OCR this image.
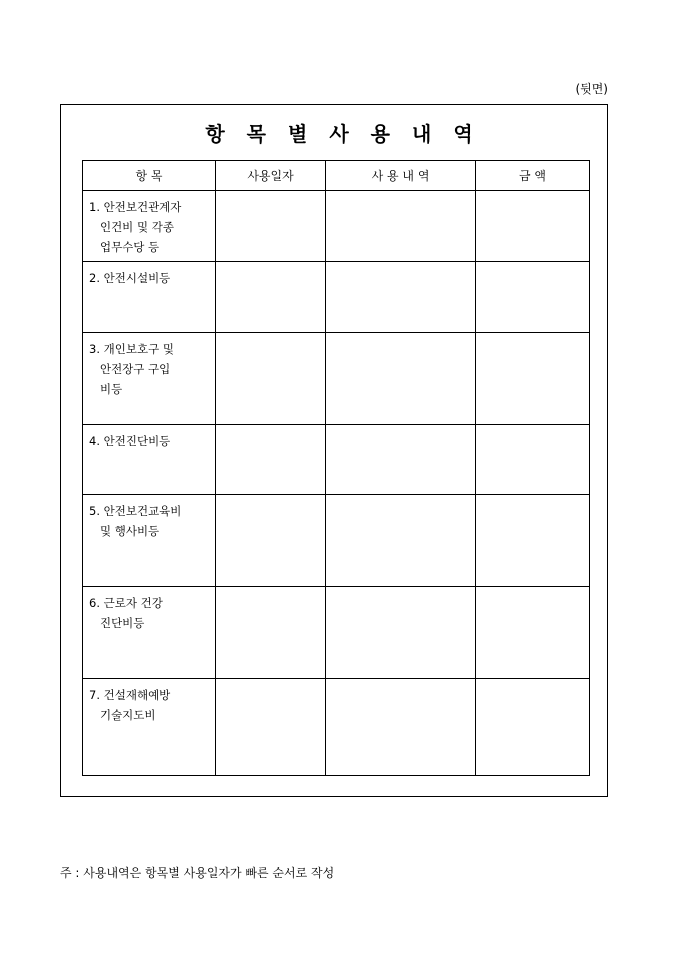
(뒷면)
항 목 별 사 용 내 역
항 목	사용일자	사 용 내 역	금 액

1. 안전보건관계자
인건비 및 각종
업무수당 등			

2. 안전시설비등			

3. 개인보호구 및
안전장구 구입
비등			

4. 안전진단비등			

5. 안전보건교육비
및 행사비등			

6. 근로자 건강
진단비등			

7. 건설재해예방
기술지도비			

주 : 사용내역은 항목별 사용일자가 빠른 순서로 작성
